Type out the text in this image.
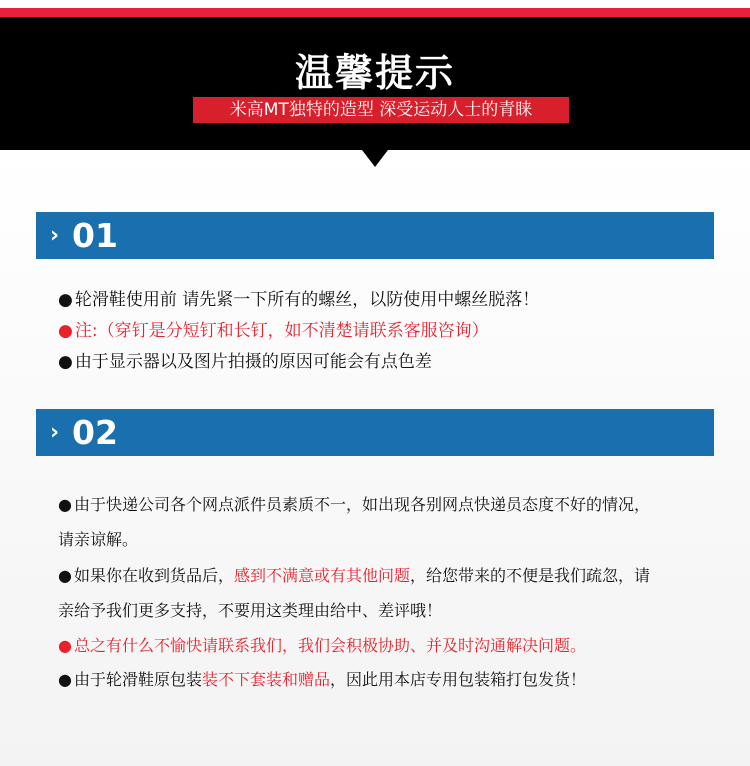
温馨提示
米高MT独特的造型 深受运动人士的青睐
› 01
● 轮滑鞋使用前 请先紧一下所有的螺丝，以防使用中螺丝脱落！
● 注:（穿钉是分短钉和长钉，如不清楚请联系客服咨询）
● 由于显示器以及图片拍摄的原因可能会有点色差
› 02
● 由于快递公司各个网点派件员素质不一，如出现各别网点快递员态度不好的情况，
请亲谅解。
● 如果你在收到货品后，感到不满意或有其他问题，给您带来的不便是我们疏忽，请
亲给予我们更多支持，不要用这类理由给中、差评哦！
● 总之有什么不愉快请联系我们，我们会积极协助、并及时沟通解决问题。
● 由于轮滑鞋原包装装不下套装和赠品，因此用本店专用包装箱打包发货！
